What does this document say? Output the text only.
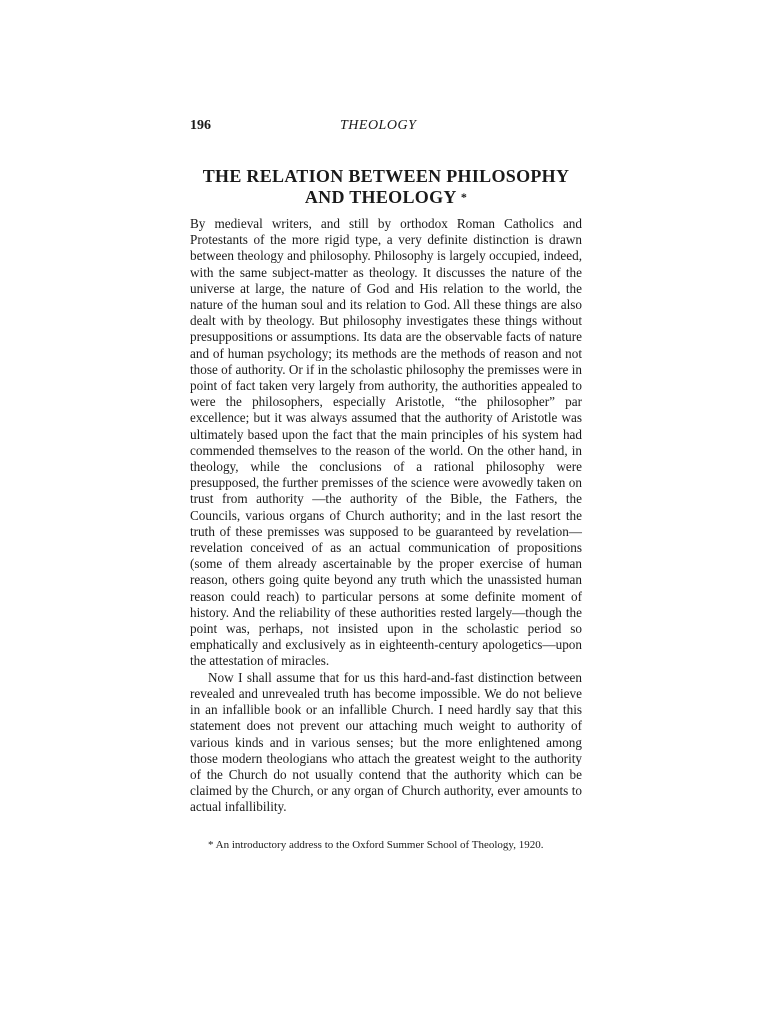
196	THEOLOGY
THE RELATION BETWEEN PHILOSOPHY
AND THEOLOGY *

By medieval writers, and still by orthodox Roman Catholics and Protestants of the more rigid type, a very definite distinction is drawn between theology and philosophy. Philosophy is largely occupied, indeed, with the same subject-matter as theology. It discusses the nature of the universe at large, the nature of God and His relation to the world, the nature of the human soul and its relation to God. All these things are also dealt with by theology. But philosophy investigates these things without presuppositions or assumptions. Its data are the observable facts of nature and of human psychology; its methods are the methods of reason and not those of authority. Or if in the scholastic philosophy the premisses were in point of fact taken very largely from authority, the authorities appealed to were the philosophers, especially Aristotle, “the philosopher” par excellence; but it was always assumed that the authority of Aristotle was ultimately based upon the fact that the main principles of his system had commended themselves to the reason of the world. On the other hand, in theology, while the conclusions of a rational philosophy were presupposed, the further premisses of the science were avowedly taken on trust from authority —the authority of the Bible, the Fathers, the Councils, various organs of Church authority; and in the last resort the truth of these premisses was supposed to be guaranteed by revelation—revelation conceived of as an actual communication of propositions (some of them already ascertainable by the proper exercise of human reason, others going quite beyond any truth which the unassisted human reason could reach) to particular persons at some definite moment of history. And the reliability of these authorities rested largely—though the point was, perhaps, not insisted upon in the scholastic period so emphatically and exclusively as in eighteenth-century apologetics—upon the attestation of miracles.

Now I shall assume that for us this hard-and-fast distinction between revealed and unrevealed truth has become impossible. We do not believe in an infallible book or an infallible Church. I need hardly say that this statement does not prevent our attaching much weight to authority of various kinds and in various senses; but the more enlightened among those modern theologians who attach the greatest weight to the authority of the Church do not usually contend that the authority which can be claimed by the Church, or any organ of Church authority, ever amounts to actual infallibility.

* An introductory address to the Oxford Summer School of Theology, 1920.
